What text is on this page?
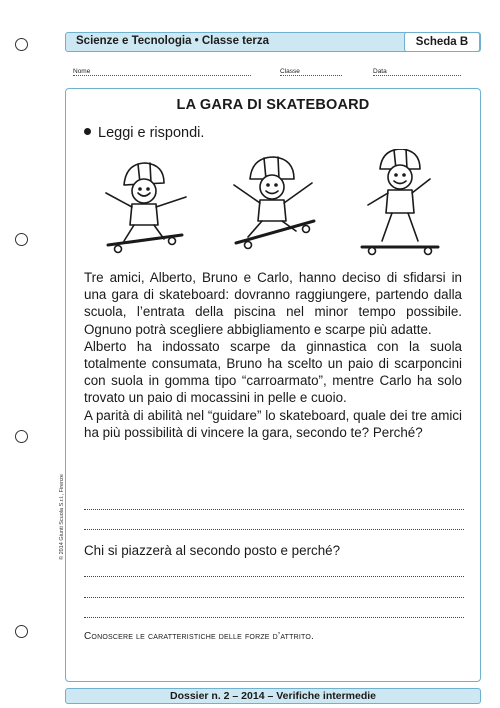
Scienze e Tecnologia • Classe terza	Scheda B
Nome	Classe	Data
LA GARA DI SKATEBOARD
Leggi e rispondi.

Tre amici, Alberto, Bruno e Carlo, hanno deciso di sfidarsi in una gara di skateboard: dovranno raggiungere, partendo dalla scuola, l’entrata della piscina nel minor tempo possibile. Ognuno potrà scegliere abbigliamento e scarpe più adatte.

Alberto ha indossato scarpe da ginnastica con la suola totalmente consumata, Bruno ha scelto un paio di scarponcini con suola in gomma tipo “carroarmato”, mentre Carlo ha solo trovato un paio di mocassini in pelle e cuoio.

A parità di abilità nel “guidare” lo skateboard, quale dei tre amici ha più possibilità di vincere la gara, secondo te? Perché?

Chi si piazzerà al secondo posto e perché?
Conoscere le caratteristiche delle forze d’attrito.
© 2014 Giunti Scuola S.r.l., Firenze
Dossier n. 2 – 2014 – Verifiche intermedie
